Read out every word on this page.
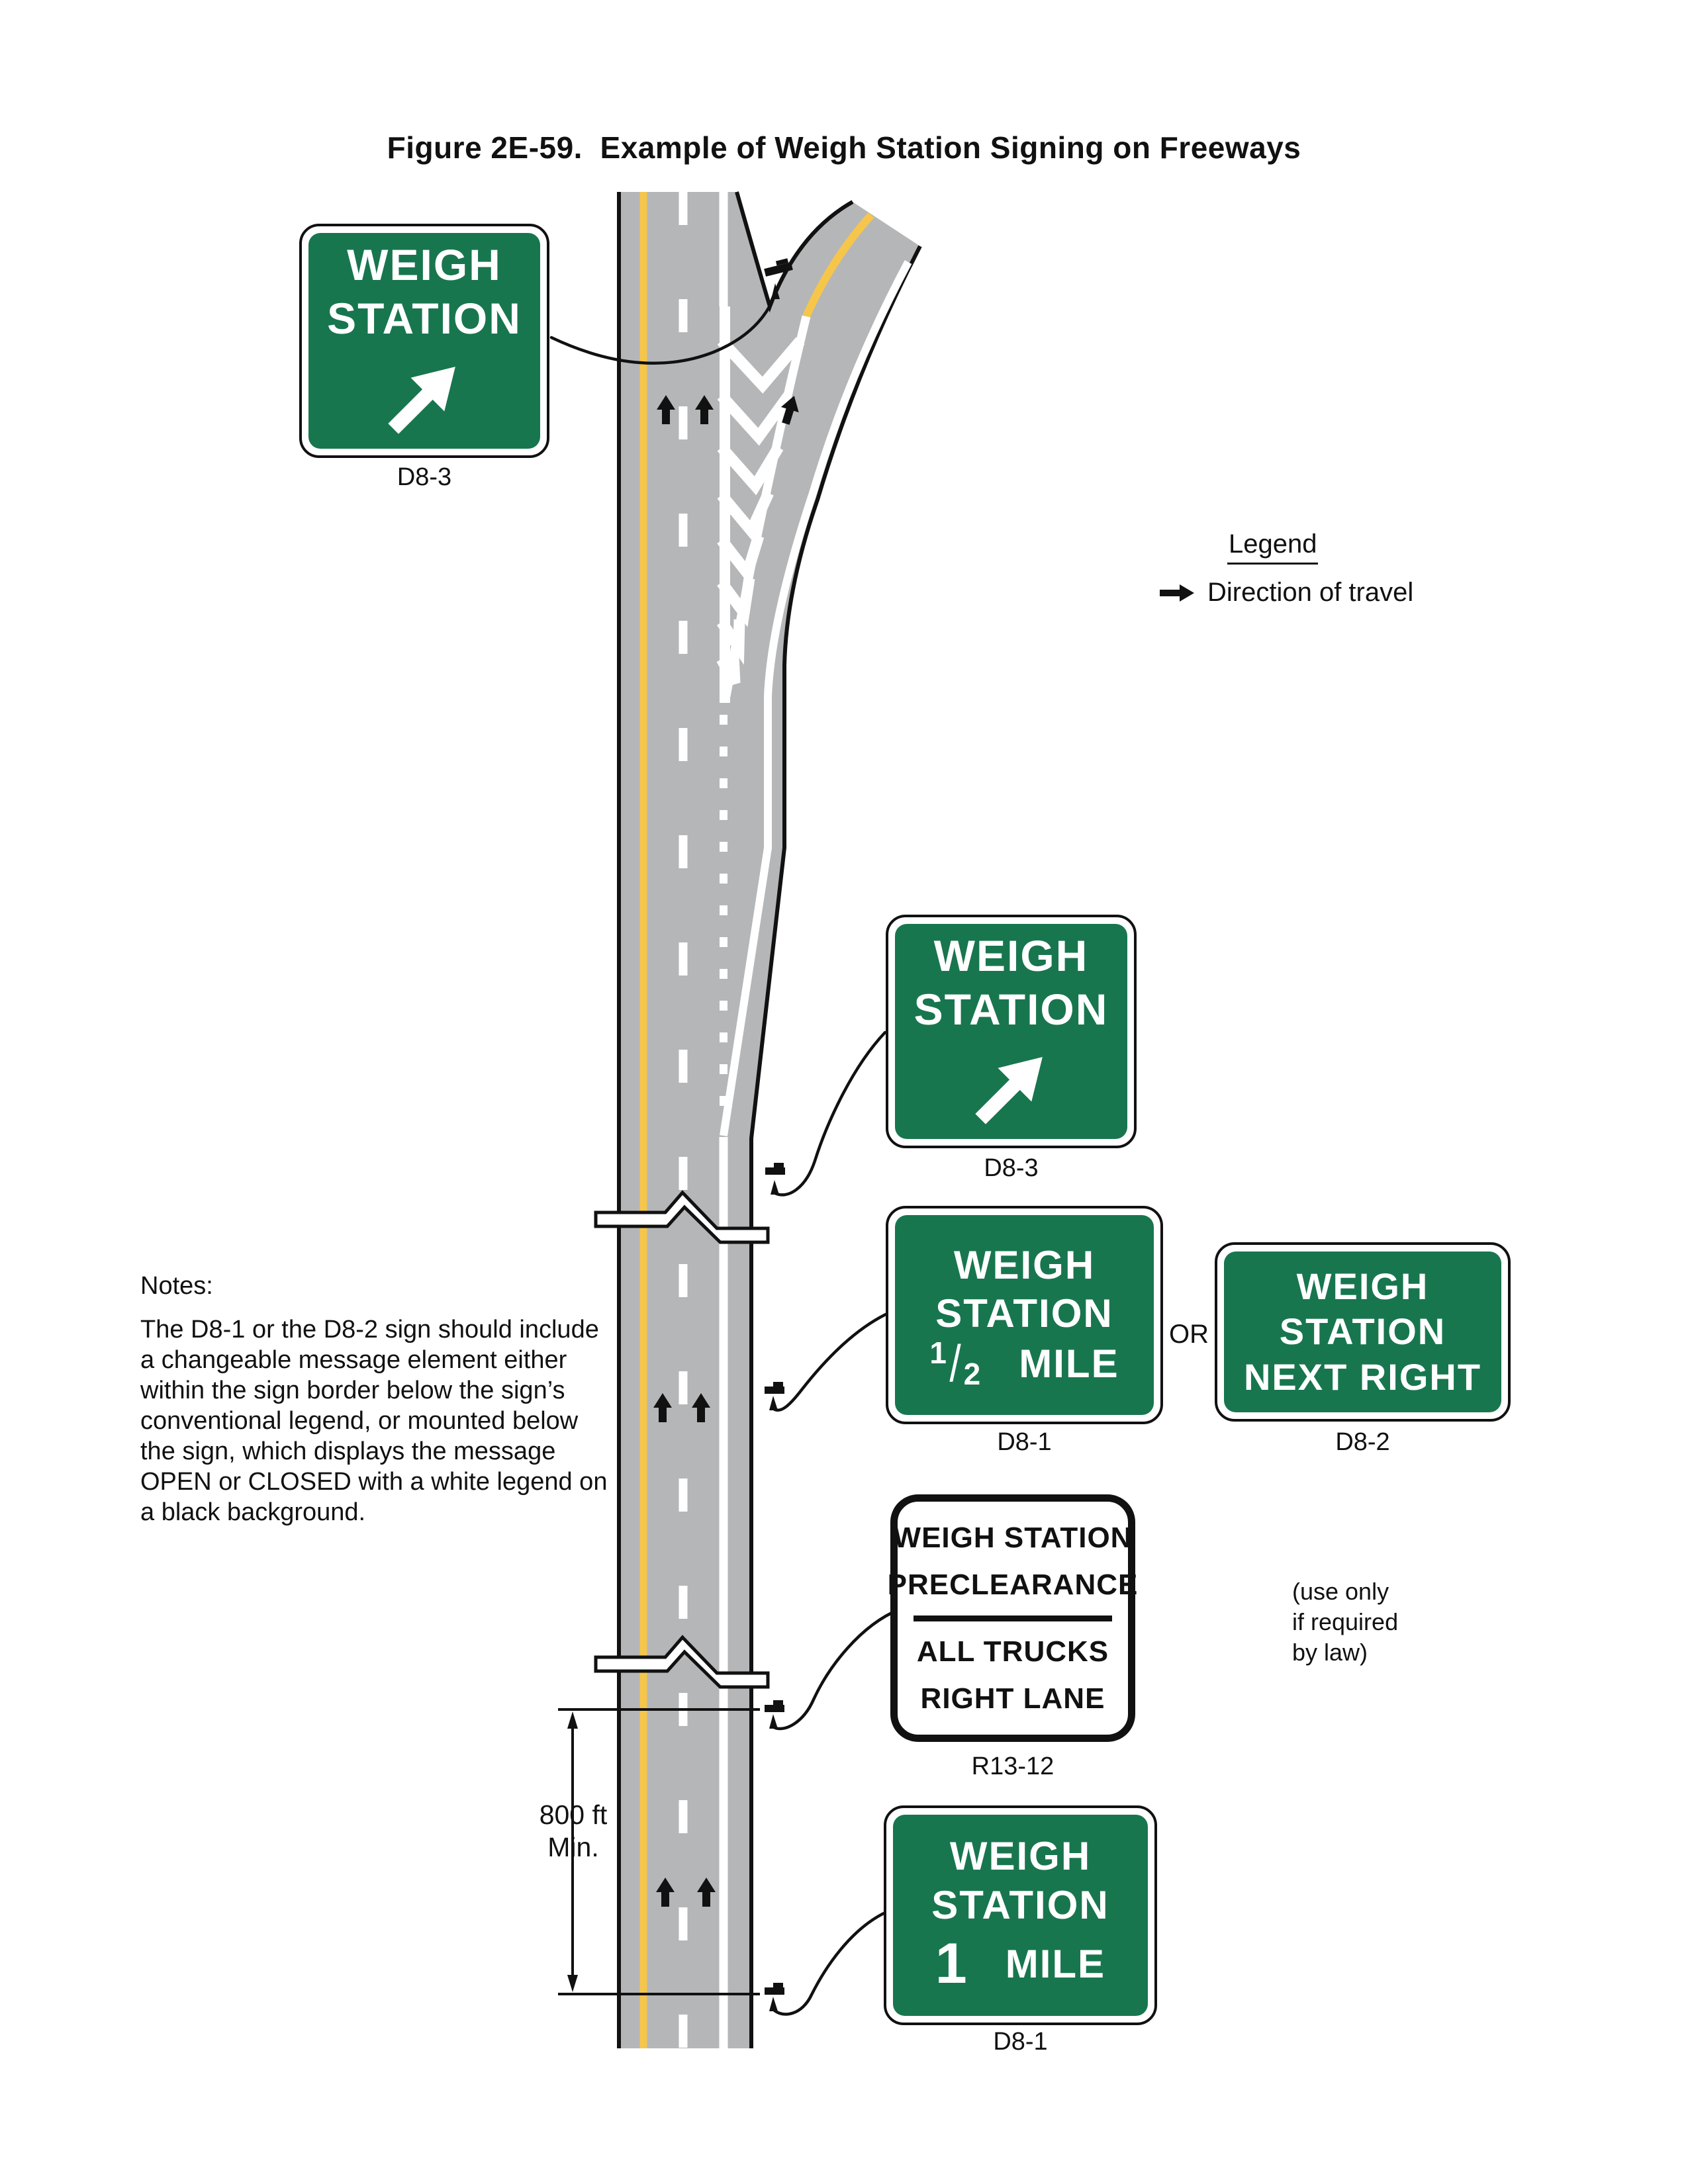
Figure 2E-59.  Example of Weigh Station Signing on Freeways
Legend
Direction of travel
WEIGH
STATION
D8-3
WEIGH
STATION
D8-3
WEIGH
STATION
1 / 2 MILE
D8-1
OR
WEIGH
STATION
NEXT RIGHT
D8-2
WEIGH STATION
PRECLEARANCE
ALL TRUCKS
RIGHT LANE
R13-12
(use only
if required
by law)
WEIGH
STATION
1 MILE
D8-1
Notes:
The D8-1 or the D8-2 sign should include a changeable message element either within the sign border below the sign’s conventional legend, or mounted below the sign, which displays the message OPEN or CLOSED with a white legend on a black background.
800 ft
Min.
